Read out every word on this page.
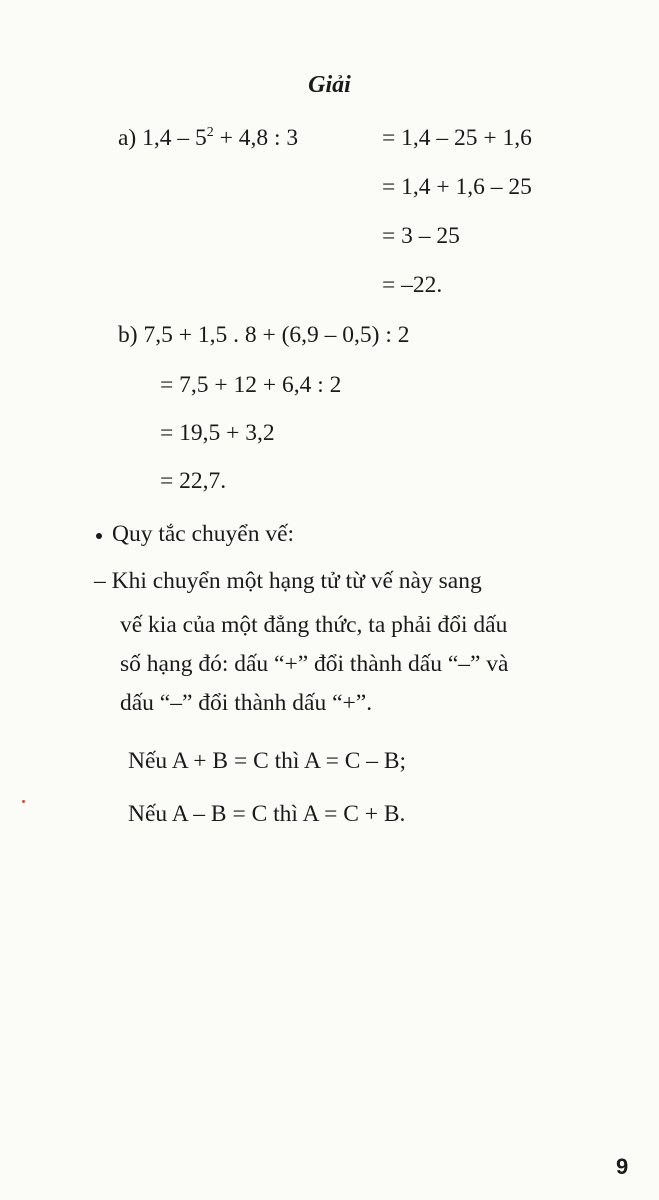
Giải
a) $1,4 - 5^2 + 4,8$ : 3	= 1,4 – 25 + 1,6
= 1,4 + 1,6 – 25
= 3 – 25
= –22.
b) 7,5 + 1,5 . 8 + (6,9 – 0,5) : 2
= 7,5 + 12 + 6,4 : 2
= 19,5 + 3,2
= 22,7.
Quy tắc chuyển vế:
– Khi chuyển một hạng tử từ vế này sang
vế kia của một đẳng thức, ta phải đổi dấu
số hạng đó: dấu “+” đổi thành dấu “–” và
dấu “–” đổi thành dấu “+”.
Nếu A + B = C thì A = C – B;
Nếu A – B = C thì A = C + B.
9
